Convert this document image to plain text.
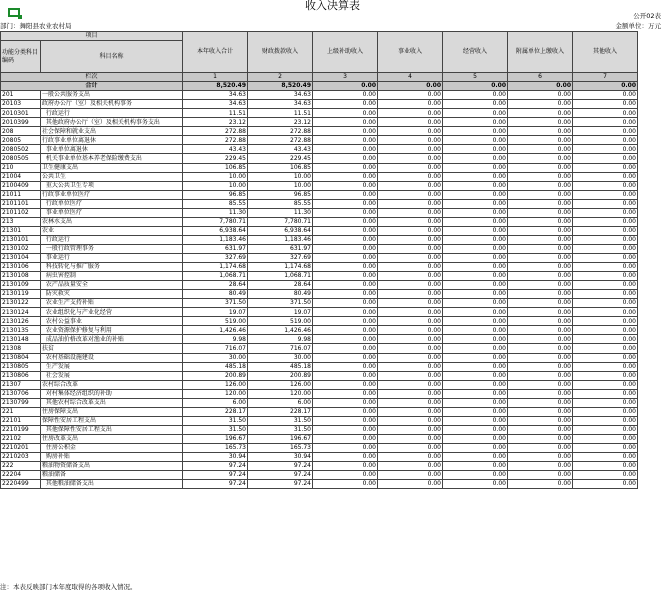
收入决算表
公开02表
部门：舞阳县农业农村局	金额单位：万元
项目		本年收入合计	财政拨款收入	上级补助收入	事业收入	经营收入	附属单位上缴收入	其他收入
功能分类科目编码	科目名称							
栏次		1	2	3	4	5	6	7
合计		8,520.49	8,520.49	0.00	0.00	0.00	0.00	0.00
201	一般公共服务支出	34.63	34.63	0.00	0.00	0.00	0.00	0.00
20103	政府办公厅（室）及相关机构事务	34.63	34.63	0.00	0.00	0.00	0.00	0.00
2010301	行政运行	11.51	11.51	0.00	0.00	0.00	0.00	0.00
2010399	其他政府办公厅（室）及相关机构事务支出	23.12	23.12	0.00	0.00	0.00	0.00	0.00
208	社会保障和就业支出	272.88	272.88	0.00	0.00	0.00	0.00	0.00
20805	行政事业单位离退休	272.88	272.88	0.00	0.00	0.00	0.00	0.00
2080502	事业单位离退休	43.43	43.43	0.00	0.00	0.00	0.00	0.00
2080505	机关事业单位基本养老保险缴费支出	229.45	229.45	0.00	0.00	0.00	0.00	0.00
210	卫生健康支出	106.85	106.85	0.00	0.00	0.00	0.00	0.00
21004	公共卫生	10.00	10.00	0.00	0.00	0.00	0.00	0.00
2100409	重大公共卫生专项	10.00	10.00	0.00	0.00	0.00	0.00	0.00
21011	行政事业单位医疗	96.85	96.85	0.00	0.00	0.00	0.00	0.00
2101101	行政单位医疗	85.55	85.55	0.00	0.00	0.00	0.00	0.00
2101102	事业单位医疗	11.30	11.30	0.00	0.00	0.00	0.00	0.00
213	农林水支出	7,780.71	7,780.71	0.00	0.00	0.00	0.00	0.00
21301	农业	6,938.64	6,938.64	0.00	0.00	0.00	0.00	0.00
2130101	行政运行	1,183.46	1,183.46	0.00	0.00	0.00	0.00	0.00
2130102	一般行政管理事务	631.97	631.97	0.00	0.00	0.00	0.00	0.00
2130104	事业运行	327.69	327.69	0.00	0.00	0.00	0.00	0.00
2130106	科技转化与推广服务	1,174.68	1,174.68	0.00	0.00	0.00	0.00	0.00
2130108	病虫害控制	1,068.71	1,068.71	0.00	0.00	0.00	0.00	0.00
2130109	农产品质量安全	28.64	28.64	0.00	0.00	0.00	0.00	0.00
2130119	防灾救灾	80.49	80.49	0.00	0.00	0.00	0.00	0.00
2130122	农业生产支持补贴	371.50	371.50	0.00	0.00	0.00	0.00	0.00
2130124	农业组织化与产业化经营	19.07	19.07	0.00	0.00	0.00	0.00	0.00
2130126	农村公益事业	519.00	519.00	0.00	0.00	0.00	0.00	0.00
2130135	农业资源保护修复与利用	1,426.46	1,426.46	0.00	0.00	0.00	0.00	0.00
2130148	成品油价格改革对渔业的补贴	9.98	9.98	0.00	0.00	0.00	0.00	0.00
21308	扶贫	716.07	716.07	0.00	0.00	0.00	0.00	0.00
2130804	农村基础设施建设	30.00	30.00	0.00	0.00	0.00	0.00	0.00
2130805	生产发展	485.18	485.18	0.00	0.00	0.00	0.00	0.00
2130806	社会发展	200.89	200.89	0.00	0.00	0.00	0.00	0.00
21307	农村综合改革	126.00	126.00	0.00	0.00	0.00	0.00	0.00
2130706	对村集体经济组织的补助	120.00	120.00	0.00	0.00	0.00	0.00	0.00
2130799	其他农村综合改革支出	6.00	6.00	0.00	0.00	0.00	0.00	0.00
221	住房保障支出	228.17	228.17	0.00	0.00	0.00	0.00	0.00
22101	保障性安居工程支出	31.50	31.50	0.00	0.00	0.00	0.00	0.00
2210199	其他保障性安居工程支出	31.50	31.50	0.00	0.00	0.00	0.00	0.00
22102	住房改革支出	196.67	196.67	0.00	0.00	0.00	0.00	0.00
2210201	住房公积金	165.73	165.73	0.00	0.00	0.00	0.00	0.00
2210203	购房补贴	30.94	30.94	0.00	0.00	0.00	0.00	0.00
222	粮油物资储备支出	97.24	97.24	0.00	0.00	0.00	0.00	0.00
22204	粮油储备	97.24	97.24	0.00	0.00	0.00	0.00	0.00
2220499	其他粮油储备支出	97.24	97.24	0.00	0.00	0.00	0.00	0.00
注：本表反映部门本年度取得的各项收入情况。
